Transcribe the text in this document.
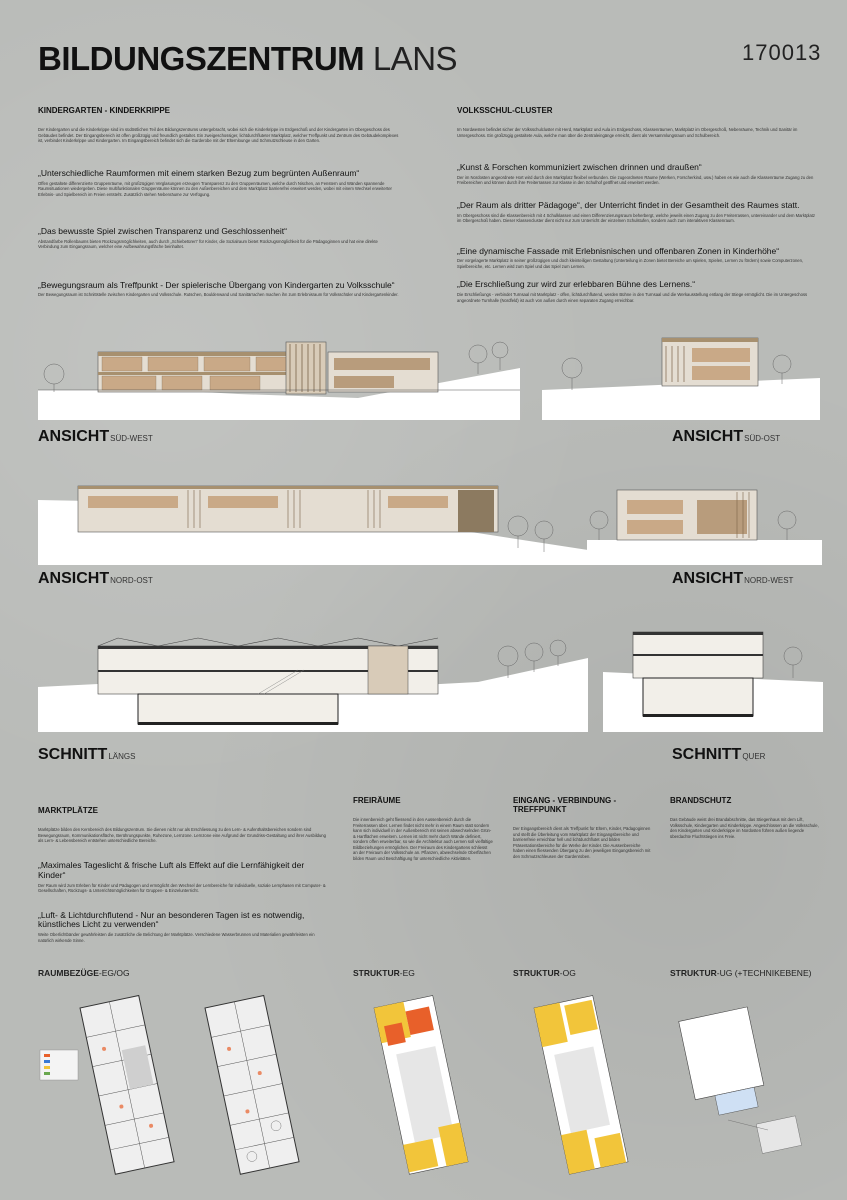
BILDUNGSZENTRUM LANS	170013
KINDERGARTEN - KINDERKRIPPE
Der Kindergarten und die Kinderkrippe sind im südöstlichen Teil des Bildungszentrums untergebracht, wobei sich die Kinderkrippe im Erdgeschoß und der Kindergarten im Obergeschoss des Gebäudes befindet. Der Eingangsbereich ist offen großzügig und freundlich gestaltet. Ein zweigeschossiger, lichtdurchfluteter Marktplatz, welcher Treffpunkt und Zentrum des Gebäudekomplexes ist, verbindet Kinderkrippe und Kindergarten. Im Eingangsbereich befindet sich die Garderobe mit der Elternlounge und Schmutzschleuse in den Garten.
„Unterschiedliche Raumformen mit einem starken Bezug zum begrünten Außenraum“
Offen gestaltete differenzierte Gruppenräume, mit großzügigen Verglasungen erzeugen Transparenz zu den Gruppenräumen, welche durch Nischen, an Fenstern und Wänden spannende Raumsituationen wiedergeben. Diese multifunktionalen Gruppenräume können zu den Außenbereichen und dem Marktplatz barrierefrei erweitert werden, wobei mit einem Wechsel erweiterter Erlebnis- und Spielbereich im Freien entsteht. Zusätzlich stehen Nebenräume zur Verfügung.
„Das bewusste Spiel zwischen Transparenz und Geschlossenheit“
Abstandfarbe Rollenbaums bieten Rückzugsmöglichkeiten, auch durch „Schiebetüren“ für Kinder, die Sozialraum bietet Rückzugsmöglichkeit für die Pädagoginnen und hat eine direkte Verbindung zum Eingangsraum, welcher eine Aufbewahrungsfläche beinhaltet.
„Bewegungsraum als Treffpunkt - Der spielerische Übergang von Kindergarten zu Volksschule“
Der Bewegungsraum ist Schnittstelle zwischen Kindergarten und Volksschule. Rutschen, Bouldenwand und Sanitärrachen machen ihn zum Erlebnisraum für Volksschüler und Kindergartenkinder.
VOLKSSCHUL-CLUSTER
Im Nordwesten befindet sicher der Volksschulcluster mit Herd, Marktplatz und Aula im Erdgeschoss, Klassenräumen, Marktplatz im Obergeschoß, Nebenräume, Technik und Sanitär im Untergeschoss. Ein großzügig gestaltete Aula, welche man über die Zentraleingänge erreicht, dient als Versammlungsraum und Schulbereich.
„Kunst & Forschen kommuniziert zwischen drinnen und draußen“
Der im Nordosten angeordnete Hort wird durch den Marktplatz flexibel verbunden. Die zugeordneten Räume (Werken, Forscherkind, usw.) haben es wie auch die Klassenräume Zugang zu den Freibereichen und können durch ihre Freiterrassen zur Klasse in den Schulhof geöffnet und erweitert werden.
„Der Raum als dritter Pädagoge“, der Unterricht findet in der Gesamtheit des Raumes statt.
Im Obergeschoss sind die Klassenbereich mit 4 Schulklassen und einen Differenzierungsraum beherbergt, welche jeweils einen Zugang zu den Freiterrassen, untereinander und dem Marktplatz im Obergeschoß haben. Dieser Klassencluster dient nicht nur zum Unterricht der einzelnen Schulstufen, sondern auch zum interaktiven Klassenraum.
„Eine dynamische Fassade mit Erlebnisnischen und offenbaren Zonen in Kinderhöhe“
Der vorgelagerte Marktplatz in seiner großzügigen und doch kleinteiligen Gestaltung (Unterteilung in Zonen bietet Bereiche um spielen, Spielen, Lernen zu fördern) sowie Computerzonen, Spielbereiche, etc. Lernen wird zum Spiel und das Spiel zum Lernen.
„Die Erschließung zur wird zur erlebbaren Bühne des Lernens.“
Die Erschließungs - verbindet Turnsaal mit Marktplatz - offen, lichtdurchflutend, werden Bühne in den Turnsaal und die Werkausstellung entlang der Stiege ermöglicht. Die im Untergeschoss angeordnete Turnhalle (Nordfeld) ist auch von außen durch einen separaten Zugang erreichbar.
ANSICHTSÜD-WEST	ANSICHTSÜD-OST
ANSICHTNORD-OST	ANSICHTNORD-WEST
SCHNITTLÄNGS	SCHNITTQUER
MARKTPLÄTZE
Marktplätze bilden den Kernbereich des Bildungszentrum. Sie dienen nicht nur als Erschliessung zu den Lern- & Aufenthaltsbereichen sondern sind Bewegungsraum, Kommunikationsfläche, Berührungspunkte, Ruhezone, Lernzone. Lernzone eine Aufgrund der Grundriss-Gestaltung und ihrer Ausbildung als Lern- & Lebensbereich entstehen unterschiedliche Bereiche.
„Maximales Tageslicht & frische Luft als Effekt auf die Lernfähigkeit der Kinder“
Der Raum wird zum Erleben für Kinder und Pädagogen und ermöglicht den Wechsel der Lernbereiche für individuelle, soziale Lernphasen mit Computer- & Gesellschaften, Rückzugs- & Unterrichtsmöglichkeiten für Gruppen- & Einzelunterricht.
„Luft- & Lichtdurchflutend - Nur an besonderen Tagen ist es notwendig, künstliches Licht zu verwenden“
Weite Oberlichtbänder gewährleisten die zusätzliche die Belichtung der Marktplätze. Verschiedene Wasserbrunnen und Materialien gewährleisten ein natürlich wirkende Sinne.
FREIRÄUME
Die innenbereich geht fliessend in den Aussenbereich durch die Freiterrassen über. Lernen findet nicht mehr in einem Raum statt sondern kann sich individuell in der Außenbereich mit seinen abwechselnden Grün- & Hartflächen erweitern. Lernen ist nicht mehr durch Wände definiert, sondern offen erweiterbar, so wie die Architektur auch Lernen soll vielfältige Bildbeziehungen ermöglichen. Der Freiraum des Kindergartens schliesst an der Freiraum der Volksschule an. Pflanzen, abwechselnde Oberflächen bilden Raum und Beschäftigung für unterschiedliche Aktivitäten.
EINGANG - VERBINDUNG - TREFFPUNKT
Der Eingangsbereich dient als Treffpunkt für Eltern, Kinder, Pädagoginnen und stellt die Überleitung vom Marktplatz der Eingangsbereiche und barrierefreie erreichbar hell und lichtdurchflutet und bilden Präsentationsbereiche für die Werke der Kinder. Die Aussenbereiche haben einen fliessenden Übergang zu den jeweiligen Eingangsbereich mit den Schmutzschleusen der Gardenroben.
BRANDSCHUTZ
Das Gebäude weist drei Brandabschnitte, das Stiegenhaus mit dem Lift, Volksschule, Kindergarten und Kinderkrippe. Angeschlossen an die Volksschule, den Kindergarten und Kinderkrippe im Nordosten führen außen liegende überdachte Fluchtstiegen ins Freie.
RAUMBEZÜGE-EG/OG	STRUKTUR-EG	STRUKTUR-OG	STRUKTUR-UG (+TECHNIKEBENE)
